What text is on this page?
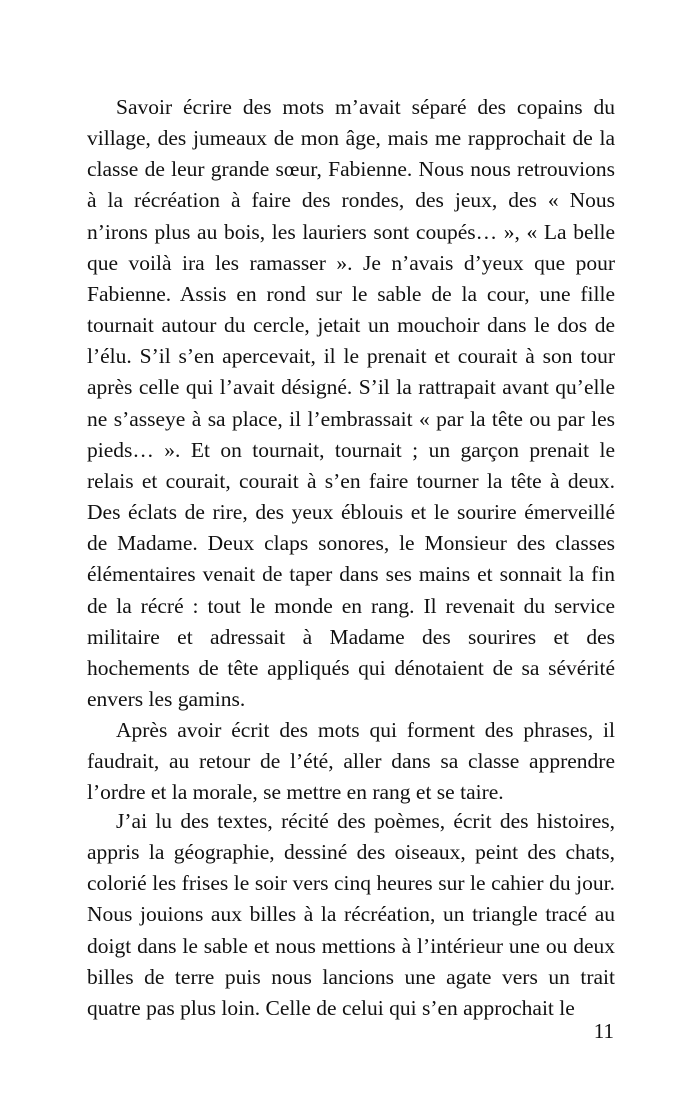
Savoir écrire des mots m’avait séparé des copains du village, des jumeaux de mon âge, mais me rapprochait de la classe de leur grande sœur, Fabienne. Nous nous retrouvions à la récréation à faire des rondes, des jeux, des « Nous n’irons plus au bois, les lauriers sont coupés… », « La belle que voilà ira les ramasser ». Je n’avais d’yeux que pour Fabienne. Assis en rond sur le sable de la cour, une fille tournait autour du cercle, jetait un mouchoir dans le dos de l’élu. S’il s’en apercevait, il le prenait et courait à son tour après celle qui l’avait désigné. S’il la rattrapait avant qu’elle ne s’asseye à sa place, il l’embrassait « par la tête ou par les pieds… ». Et on tournait, tournait ; un garçon prenait le relais et courait, courait à s’en faire tourner la tête à deux. Des éclats de rire, des yeux éblouis et le sourire émerveillé de Madame. Deux claps sonores, le Monsieur des classes élémentaires venait de taper dans ses mains et sonnait la fin de la récré : tout le monde en rang. Il revenait du service militaire et adressait à Madame des sourires et des hochements de tête appliqués qui dénotaient de sa sévérité envers les gamins.

Après avoir écrit des mots qui forment des phrases, il faudrait, au retour de l’été, aller dans sa classe apprendre l’ordre et la morale, se mettre en rang et se taire.

J’ai lu des textes, récité des poèmes, écrit des histoires, appris la géographie, dessiné des oiseaux, peint des chats, colorié les frises le soir vers cinq heures sur le cahier du jour. Nous jouions aux billes à la récréation, un triangle tracé au doigt dans le sable et nous mettions à l’intérieur une ou deux billes de terre puis nous lancions une agate vers un trait quatre pas plus loin. Celle de celui qui s’en approchait le

11
